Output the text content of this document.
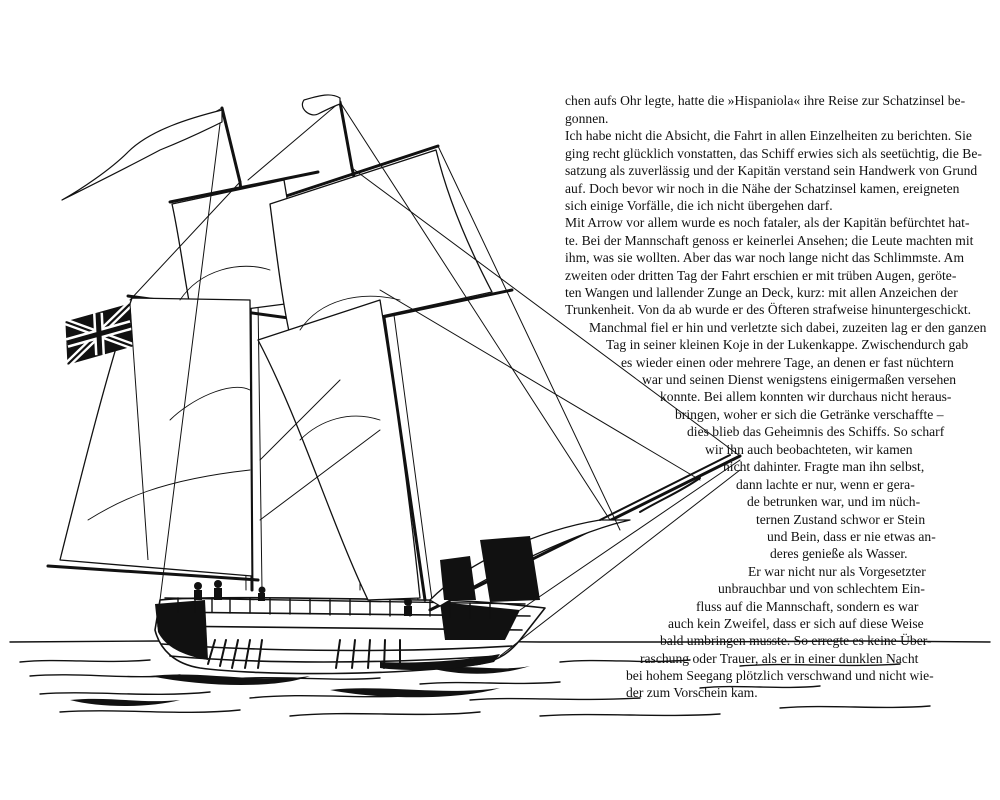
chen aufs Ohr legte, hatte die »Hispaniola« ihre Reise zur Schatzinsel be-
gonnen.
Ich habe nicht die Absicht, die Fahrt in allen Einzelheiten zu berichten. Sie
ging recht glücklich vonstatten, das Schiff erwies sich als seetüchtig, die Be-
satzung als zuverlässig und der Kapitän verstand sein Handwerk von Grund
auf. Doch bevor wir noch in die Nähe der Schatzinsel kamen, ereigneten
sich einige Vorfälle, die ich nicht übergehen darf.
Mit Arrow vor allem wurde es noch fataler, als der Kapitän befürchtet hat-
te. Bei der Mannschaft genoss er keinerlei Ansehen; die Leute machten mit
ihm, was sie wollten. Aber das war noch lange nicht das Schlimmste. Am
zweiten oder dritten Tag der Fahrt erschien er mit trüben Augen, geröte-
ten Wangen und lallender Zunge an Deck, kurz: mit allen Anzeichen der
Trunkenheit. Von da ab wurde er des Öfteren strafweise hinuntergeschickt.
Manchmal fiel er hin und verletzte sich dabei, zuzeiten lag er den ganzen
Tag in seiner kleinen Koje in der Lukenkappe. Zwischendurch gab
es wieder einen oder mehrere Tage, an denen er fast nüchtern
war und seinen Dienst wenigstens einigermaßen versehen
konnte. Bei allem konnten wir durchaus nicht heraus-
bringen, woher er sich die Getränke verschaffte –
dies blieb das Geheimnis des Schiffs. So scharf
wir ihn auch beobachteten, wir kamen
nicht dahinter. Fragte man ihn selbst,
dann lachte er nur, wenn er gera-
de betrunken war, und im nüch-
ternen Zustand schwor er Stein
und Bein, dass er nie etwas an-
deres genieße als Wasser.
Er war nicht nur als Vorgesetzter
unbrauchbar und von schlechtem Ein-
fluss auf die Mannschaft, sondern es war
auch kein Zweifel, dass er sich auf diese Weise
bald umbringen musste. So erregte es keine Über-
raschung oder Trauer, als er in einer dunklen Nacht
bei hohem Seegang plötzlich verschwand und nicht wie-
der zum Vorschein kam.
